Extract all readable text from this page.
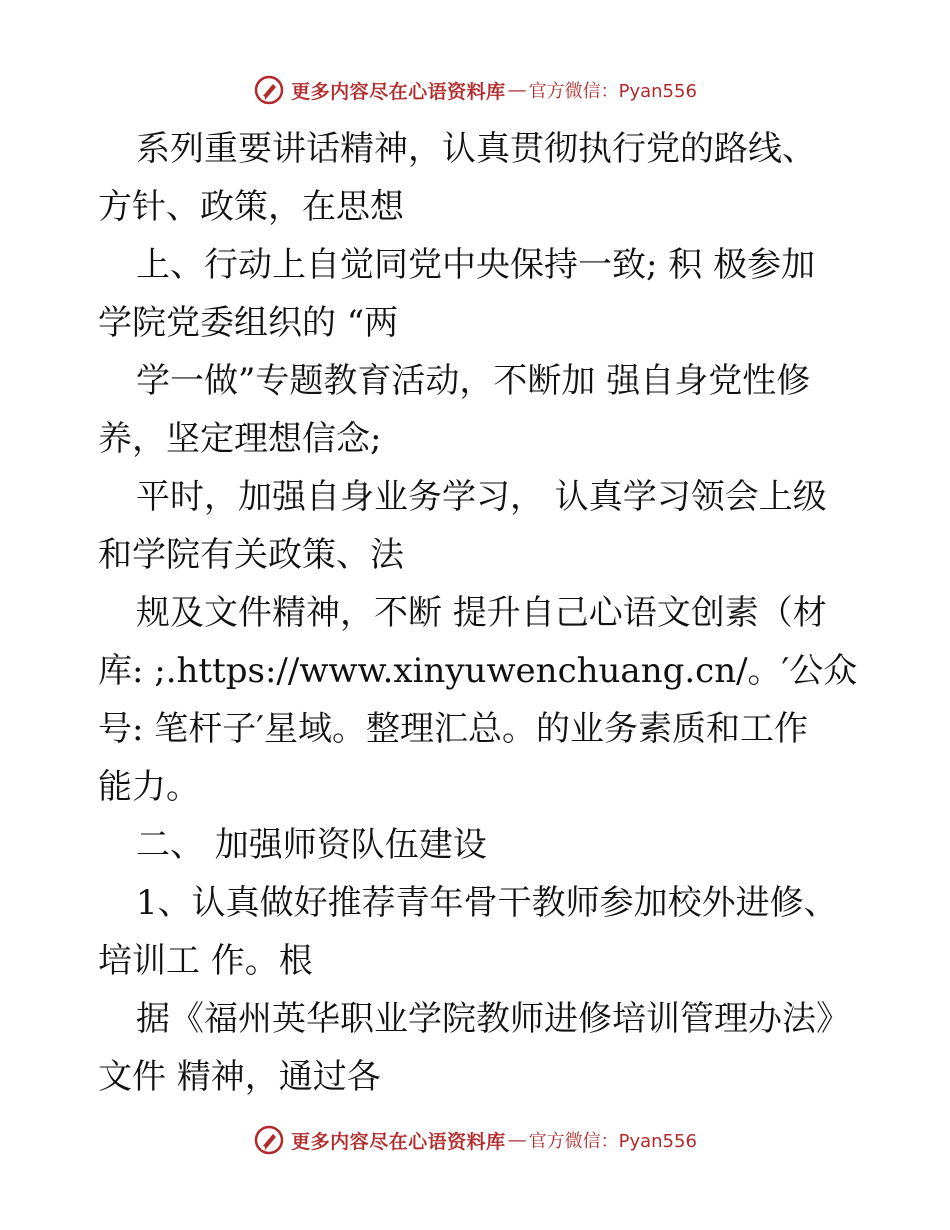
更多内容尽在心语资料库 — 官方微信：Pyan556
系列重要讲话精神，认真贯彻执行党的路线、
方针、政策，在思想
上、行动上自觉同党中央保持一致; 积 极参加
学院党委组织的 “两
学一做”专题教育活动，不断加 强自身党性修
养，坚定理想信念;
平时，加强自身业务学习， 认真学习领会上级
和学院有关政策、法
规及文件精神，不断 提升自己心语文创素（材
库: ;.https://www.xinyuwenchuang.cn/。′公众
号: 笔杆子′星域。整理汇总。的业务素质和工作
能力。
二、 加强师资队伍建设
1、认真做好推荐青年骨干教师参加校外进修、
培训工 作。根
据《福州英华职业学院教师进修培训管理办法》
文件 精神，通过各
更多内容尽在心语资料库 — 官方微信：Pyan556
